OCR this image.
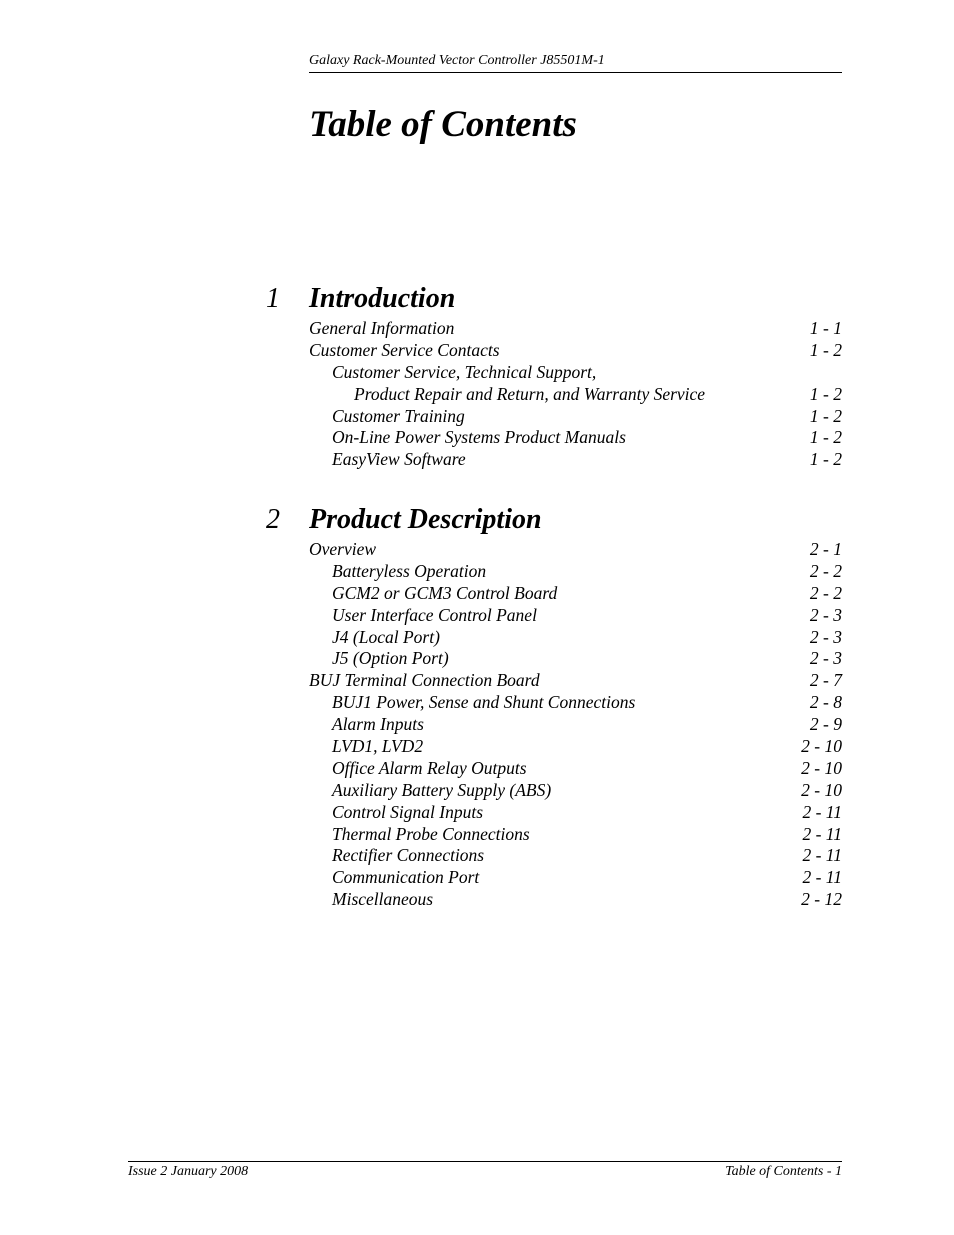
Galaxy Rack-Mounted Vector Controller J85501M-1
Table of Contents
1 Introduction
General Information	1 - 1
Customer Service Contacts	1 - 2
Customer Service, Technical Support,
Product Repair and Return, and Warranty Service	1 - 2
Customer Training	1 - 2
On-Line Power Systems Product Manuals	1 - 2
EasyView Software	1 - 2
2 Product Description
Overview	2 - 1
Batteryless Operation	2 - 2
GCM2 or GCM3 Control Board	2 - 2
User Interface Control Panel	2 - 3
J4 (Local Port)	2 - 3
J5 (Option Port)	2 - 3
BUJ Terminal Connection Board	2 - 7
BUJ1 Power, Sense and Shunt Connections	2 - 8
Alarm Inputs	2 - 9
LVD1, LVD2	2 - 10
Office Alarm Relay Outputs	2 - 10
Auxiliary Battery Supply (ABS)	2 - 10
Control Signal Inputs	2 - 11
Thermal Probe Connections	2 - 11
Rectifier Connections	2 - 11
Communication Port	2 - 11
Miscellaneous	2 - 12
Issue 2 January 2008	Table of Contents - 1
